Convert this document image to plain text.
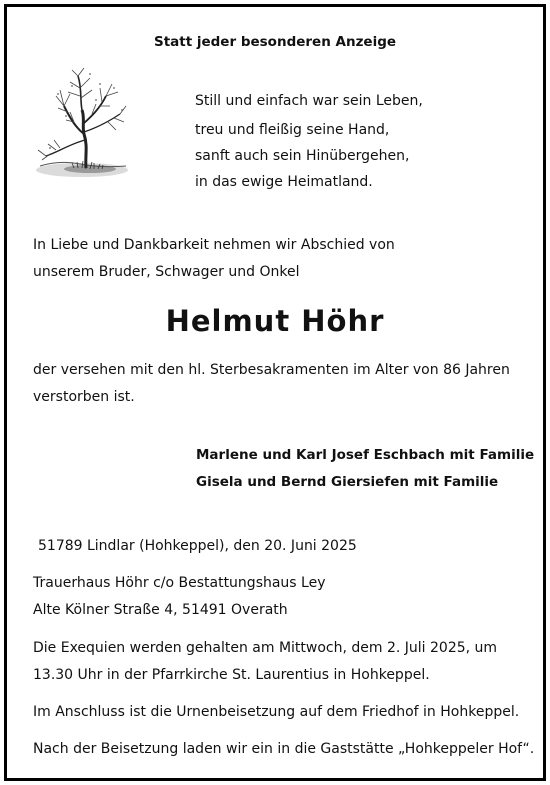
Statt jeder besonderen Anzeige
Still und einfach war sein Leben,
treu und fleißig seine Hand,
sanft auch sein Hinübergehen,
in das ewige Heimatland.
In Liebe und Dankbarkeit nehmen wir Abschied von
unserem Bruder, Schwager und Onkel
Helmut Höhr
der versehen mit den hl. Sterbesakramenten im Alter von 86 Jahren
verstorben ist.
Marlene und Karl Josef Eschbach mit Familie
Gisela und Bernd Giersiefen mit Familie
51789 Lindlar (Hohkeppel), den 20. Juni 2025
Trauerhaus Höhr c/o Bestattungshaus Ley
Alte Kölner Straße 4, 51491 Overath
Die Exequien werden gehalten am Mittwoch, dem 2. Juli 2025, um
13.30 Uhr in der Pfarrkirche St. Laurentius in Hohkeppel.
Im Anschluss ist die Urnenbeisetzung auf dem Friedhof in Hohkeppel.
Nach der Beisetzung laden wir ein in die Gaststätte „Hohkeppeler Hof“.
